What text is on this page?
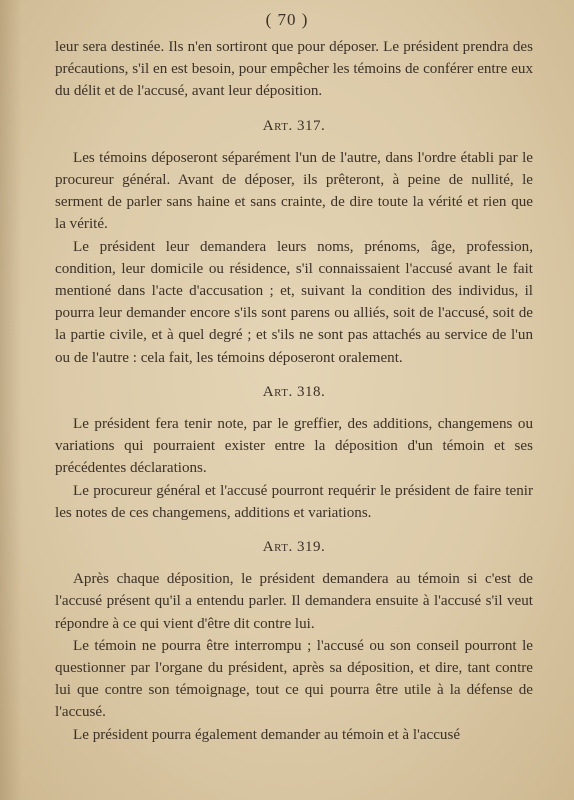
( 70 )

leur sera destinée. Ils n'en sortiront que pour déposer. Le président prendra des précautions, s'il en est besoin, pour empêcher les témoins de conférer entre eux du délit et de l'accusé, avant leur déposition.

Art. 317.

Les témoins déposeront séparément l'un de l'autre, dans l'ordre établi par le procureur général. Avant de déposer, ils prêteront, à peine de nullité, le serment de parler sans haine et sans crainte, de dire toute la vérité et rien que la vérité.

Le président leur demandera leurs noms, prénoms, âge, profession, condition, leur domicile ou résidence, s'il connaissaient l'accusé avant le fait mentioné dans l'acte d'accusation ; et, suivant la condition des individus, il pourra leur demander encore s'ils sont parens ou alliés, soit de l'accusé, soit de la partie civile, et à quel degré ; et s'ils ne sont pas attachés au service de l'un ou de l'autre : cela fait, les témoins déposeront oralement.

Art. 318.

Le président fera tenir note, par le greffier, des additions, changemens ou variations qui pourraient exister entre la déposition d'un témoin et ses précédentes déclarations.

Le procureur général et l'accusé pourront requérir le président de faire tenir les notes de ces changemens, additions et variations.

Art. 319.

Après chaque déposition, le président demandera au témoin si c'est de l'accusé présent qu'il a entendu parler. Il demandera ensuite à l'accusé s'il veut répondre à ce qui vient d'être dit contre lui.

Le témoin ne pourra être interrompu ; l'accusé ou son conseil pourront le questionner par l'organe du président, après sa déposition, et dire, tant contre lui que contre son témoignage, tout ce qui pourra être utile à la défense de l'accusé.

Le président pourra également demander au témoin et à l'accusé
